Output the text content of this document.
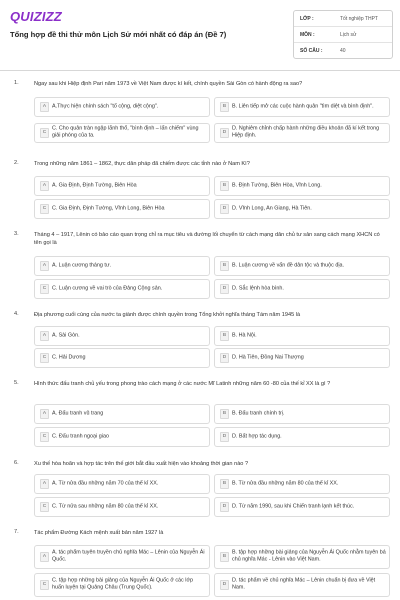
QUIZIZZ
Tổng hợp đề thi thử môn Lịch Sử mới nhất có đáp án (Đề 7)
LỚP :	Tốt nghiệp THPT
MÔN :	Lịch sử
SỐ CÂU :	40
1.	Ngay sau khi Hiệp định Pari năm 1973 về Việt Nam được kí kết, chính quyền Sài Gòn có hành động ra sao?
A	A.Thực hiện chính sách "tố cộng, diệt cộng".	B	B. Liên tiếp mở các cuộc hành quân "tìm diệt và bình định".
C
C. Cho quân tràn ngập lãnh thổ, "bình định – lấn chiếm" vùng giải phóng của ta.
D
D. Nghiêm chỉnh chấp hành những điều khoản đã kí kết trong Hiệp định.
2.	Trong những năm 1861 – 1862, thực dân pháp đã chiếm được các tỉnh nào ở Nam Kì?
A	A. Gia Định, Định Tường, Biên Hòa	B	B. Định Tường, Biên Hòa, Vĩnh Long.
C	C. Gia Định, Định Tường, Vĩnh Long, Biên Hòa	D	D. Vĩnh Long, An Giang, Hà Tiên.
3.	Tháng 4 – 1917, Lênin có bảo cáo quan trọng chỉ ra mục tiêu và đường lối chuyển từ cách mạng dân chủ tư sản sang cách mạng XHCN có tên gọi là
A	A. Luận cương tháng tư.	B	B. Luận cương về vấn đề dân tộc và thuộc địa.
C	C. Luận cương về vai trò của Đảng Cộng sản.	D	D. Sắc lệnh hòa bình.
4.	Địa phương cuối cùng của nước ta giành được chính quyền trong Tổng khởi nghĩa tháng Tám năm 1945 là
A	A. Sài Gòn.	B	B. Hà Nội.
C	C. Hải Dương	D	D. Hà Tiên, Đồng Nai Thượng
5.	Hình thức đấu tranh chủ yếu trong phong trào cách mạng ở các nước Mĩ Latinh những năm 60 -80 của thế kỉ XX là gì ?
A	A. Đấu tranh vũ trang	B	B. Đấu tranh chính trị.
C	C. Đấu tranh ngoại giao	D	D. Bất hợp tác dụng.
6.	Xu thế hòa hoãn và hợp tác trên thế giới bắt đầu xuất hiện vào khoảng thời gian nào ?
A	A. Từ nửa đầu những năm 70 của thế kỉ XX.	B	B. Từ nửa đầu những năm 80 của thế kỉ XX.
C	C. Từ nửa sau những năm 80 của thế kỉ XX.	D	D. Từ năm 1990, sau khi Chiến tranh lạnh kết thúc.
7.	Tác phẩm Đường Kách mệnh xuất bản năm 1927 là
A
A. tác phẩm tuyên truyền chủ nghĩa Mác – Lênin của Nguyễn Ái Quốc.
B
B. tập hợp những bài giảng của Nguyễn Ái Quốc nhằm tuyên bá chủ nghĩa Mác - Lênin vào Việt Nam.
C
C. tập hợp những bài giảng của Nguyễn Ái Quốc ở các lớp huấn luyện tại Quảng Châu (Trung Quốc).
D
D. tác phẩm về chủ nghĩa Mác – Lênin chuẩn bị đưa về Việt Nam.
